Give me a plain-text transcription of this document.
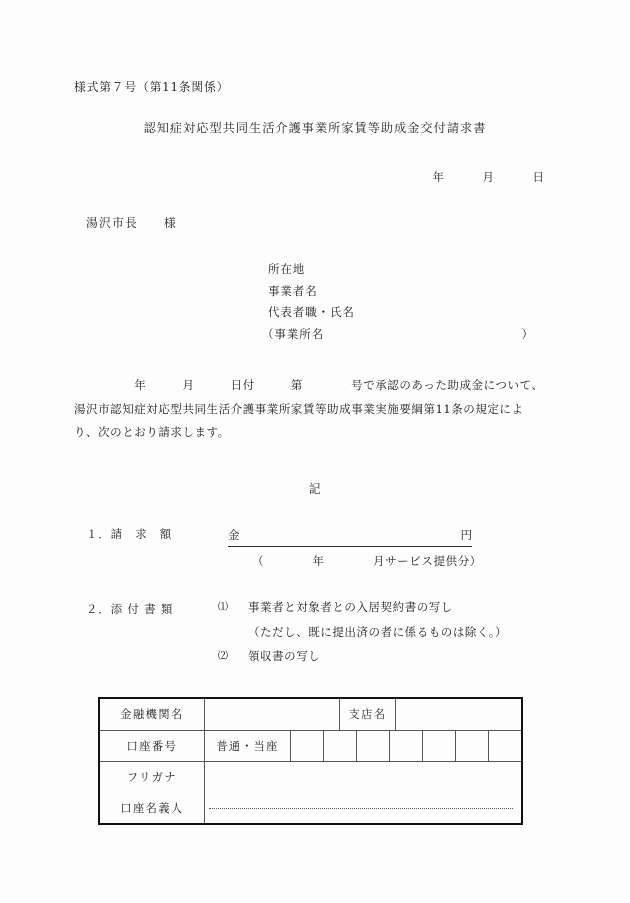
様式第７号（第11条関係）
認知症対応型共同生活介護事業所家賃等助成金交付請求書
年　　　月　　　日
湯沢市長　　様
所在地
事業者名
代表者職・氏名
（事業所名	）
　　　　　年　　　月　　　日付　　　第　　　　号で承認のあった助成金について、
湯沢市認知症対応型共同生活介護事業所家賃等助成事業実施要綱第11条の規定によ
り、次のとおり請求します。
記
１．請　求　額	金	円
（　　　　年　　　　月サービス提供分）
２．添 付 書 類	⑴	事業者と対象者との入居契約書の写し
（ただし、既に提出済の者に係るものは除く。）
⑵	領収書の写し
金融機関名	支店名
口座番号	普通・当座
フリガナ
口座名義人
